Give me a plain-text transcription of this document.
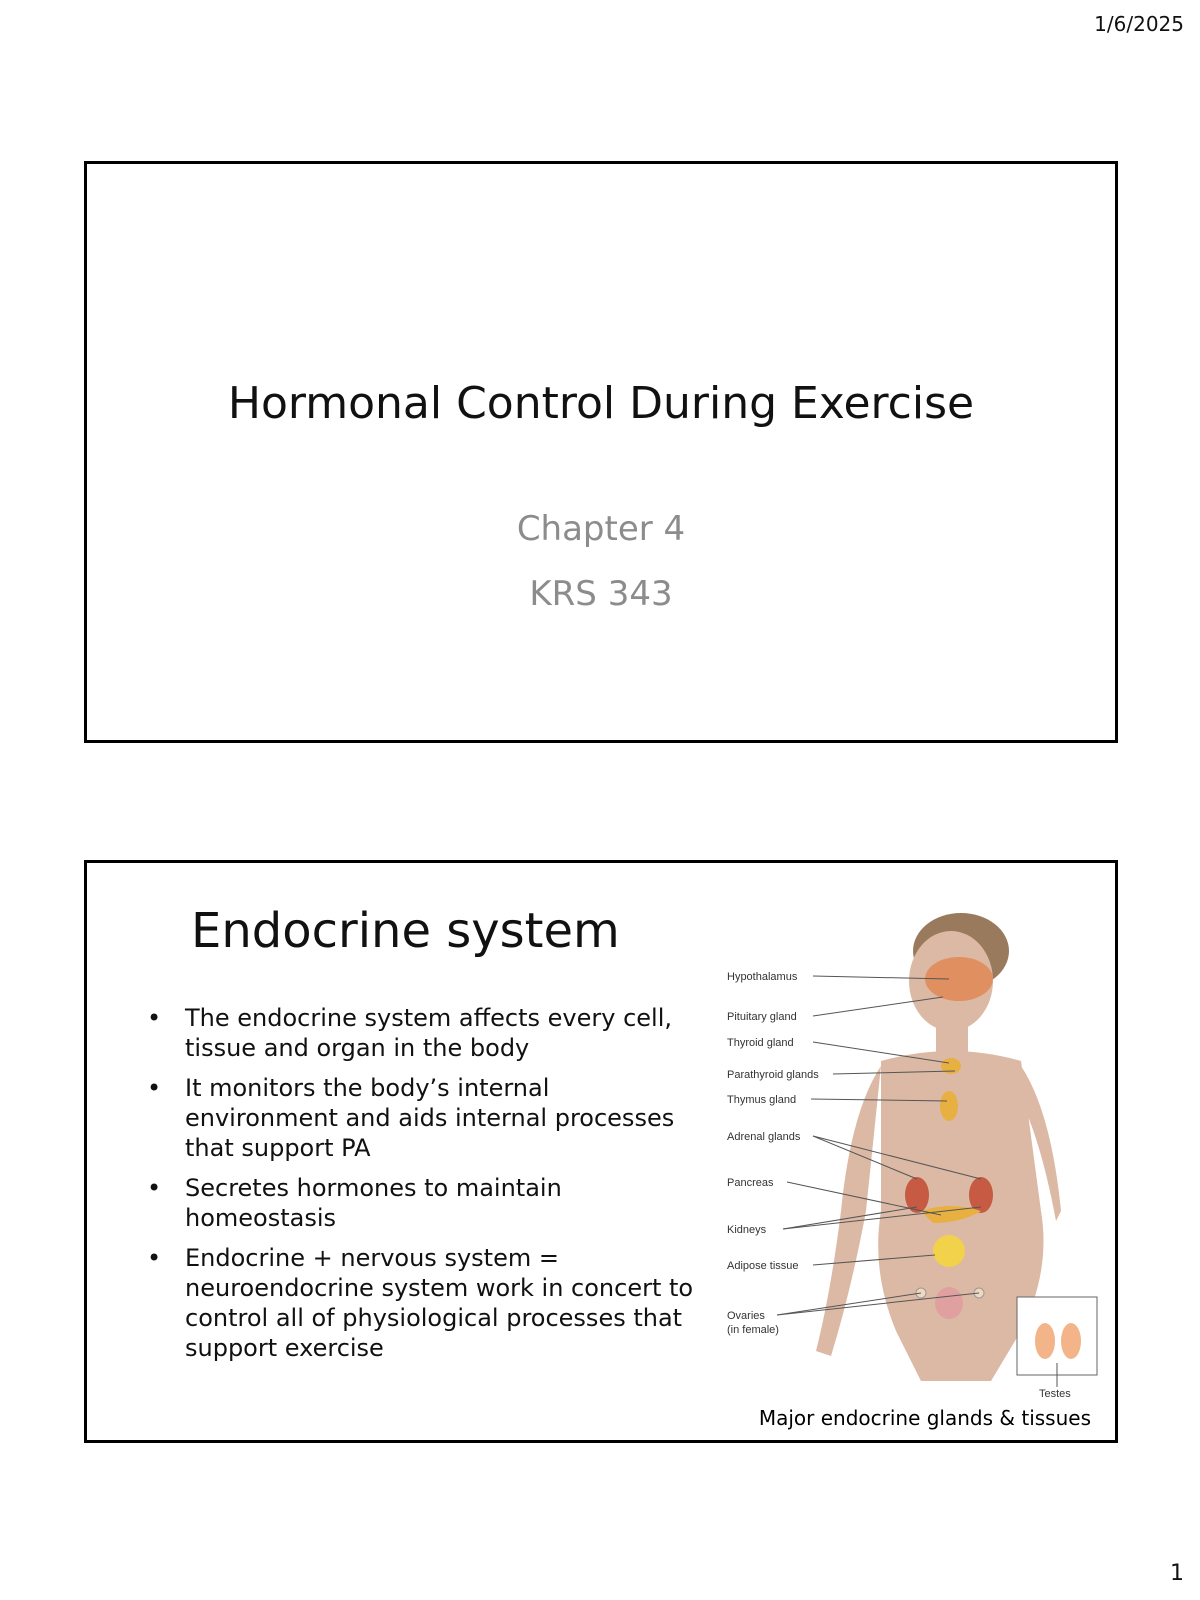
1/6/2025
Hormonal Control During Exercise
Chapter 4
KRS 343
Endocrine system
• The endocrine system affects every cell, tissue and organ in the body
• It monitors the body’s internal environment and aids internal processes that support PA
• Secretes hormones to maintain homeostasis
• Endocrine + nervous system = neuroendocrine system work in concert to control all of physiological processes that support exercise
Hypothalamus
Pituitary gland
Thyroid gland
Parathyroid glands
Thymus gland
Adrenal glands
Pancreas
Kidneys
Adipose tissue
Ovaries
(in female)
Testes
Major endocrine glands & tissues
1
